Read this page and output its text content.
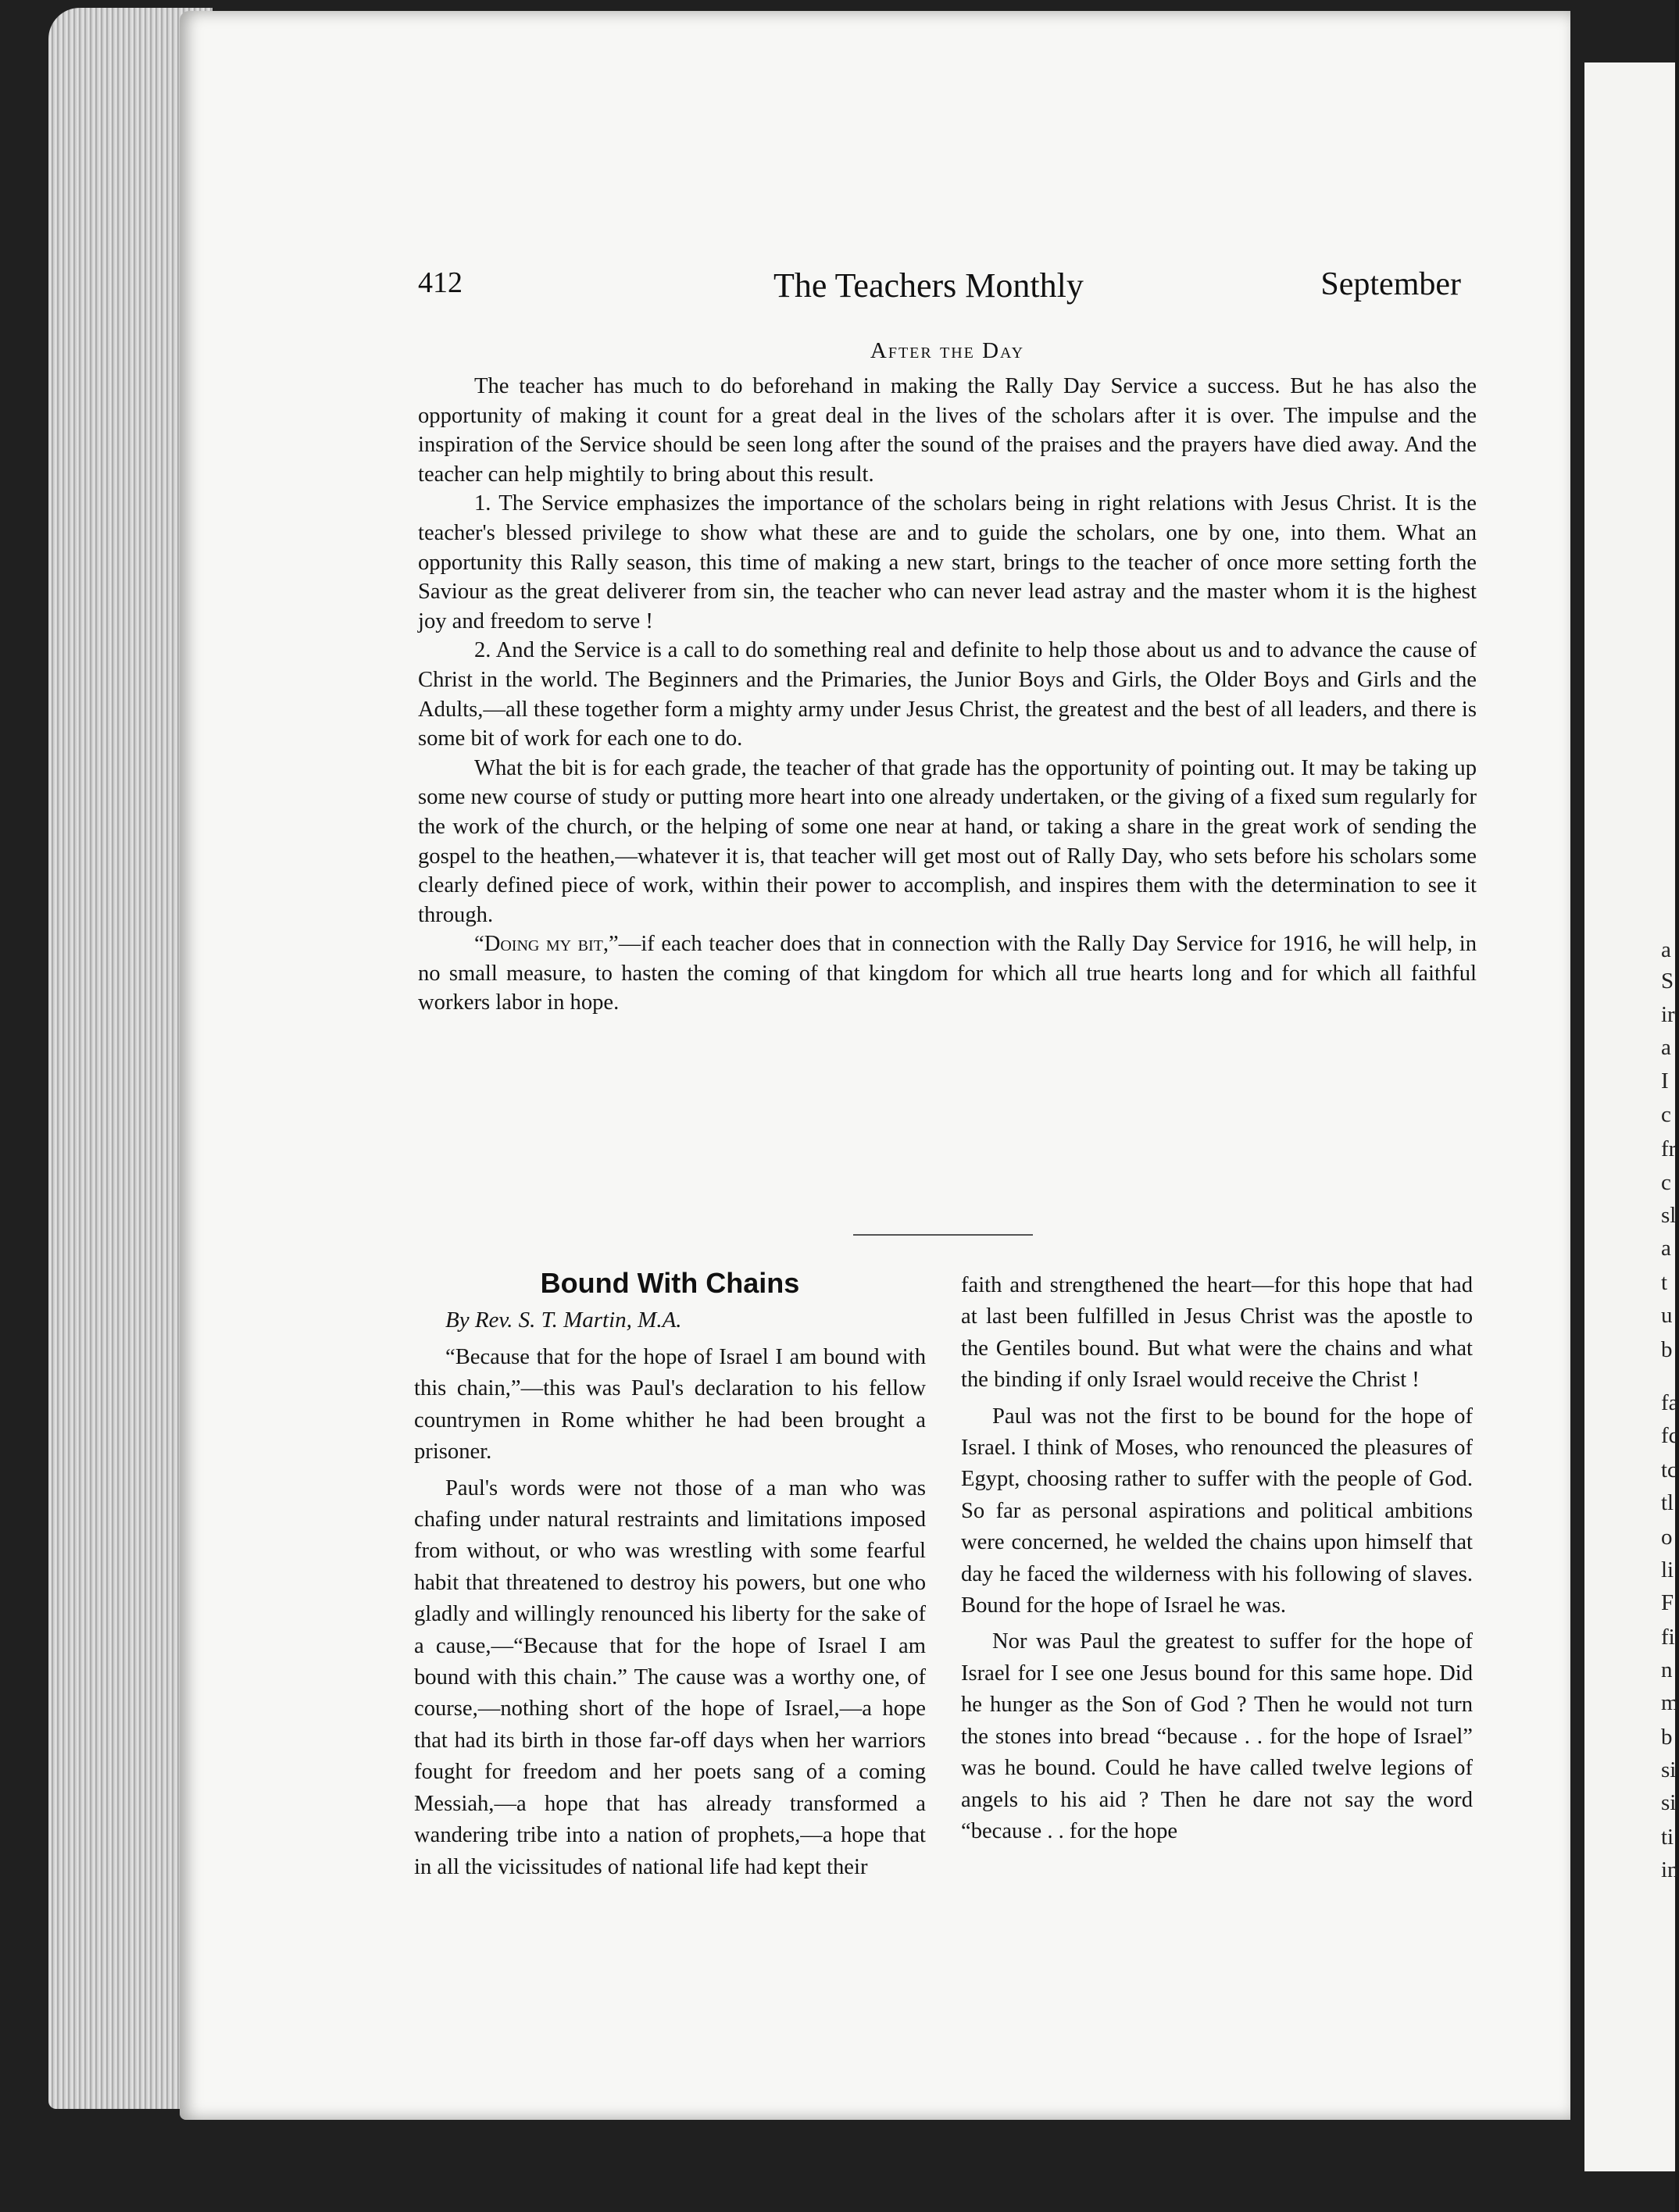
a
S
ir
a
I
c
fr
c
sl
a
t
u
b
fa
fc
tc
tl
o
li
F
fi
n
m
b
si
si
ti
in
412	The Teachers Monthly	September
After the Day

The teacher has much to do beforehand in making the Rally Day Service a success. But he has also the opportunity of making it count for a great deal in the lives of the scholars after it is over. The impulse and the inspiration of the Service should be seen long after the sound of the praises and the prayers have died away. And the teacher can help mightily to bring about this result.

1. The Service emphasizes the importance of the scholars being in right relations with Jesus Christ. It is the teacher's blessed privilege to show what these are and to guide the scholars, one by one, into them. What an opportunity this Rally season, this time of making a new start, brings to the teacher of once more setting forth the Saviour as the great deliverer from sin, the teacher who can never lead astray and the master whom it is the highest joy and freedom to serve !

2. And the Service is a call to do something real and definite to help those about us and to advance the cause of Christ in the world. The Beginners and the Primaries, the Junior Boys and Girls, the Older Boys and Girls and the Adults,—all these together form a mighty army under Jesus Christ, the greatest and the best of all leaders, and there is some bit of work for each one to do.

What the bit is for each grade, the teacher of that grade has the opportunity of pointing out. It may be taking up some new course of study or putting more heart into one already undertaken, or the giving of a fixed sum regularly for the work of the church, or the helping of some one near at hand, or taking a share in the great work of sending the gospel to the heathen,—whatever it is, that teacher will get most out of Rally Day, who sets before his scholars some clearly defined piece of work, within their power to accomplish, and inspires them with the determination to see it through.

“Doing my bit,”—if each teacher does that in connection with the Rally Day Service for 1916, he will help, in no small measure, to hasten the coming of that kingdom for which all true hearts long and for which all faithful workers labor in hope.

Bound With Chains

By Rev. S. T. Martin, M.A.

“Because that for the hope of Israel I am bound with this chain,”—this was Paul's declaration to his fellow countrymen in Rome whither he had been brought a prisoner.

Paul's words were not those of a man who was chafing under natural restraints and limitations imposed from without, or who was wrestling with some fearful habit that threatened to destroy his powers, but one who gladly and willingly renounced his liberty for the sake of a cause,—“Because that for the hope of Israel I am bound with this chain.” The cause was a worthy one, of course,—nothing short of the hope of Israel,—a hope that had its birth in those far-off days when her warriors fought for freedom and her poets sang of a coming Messiah,—a hope that has already transformed a wandering tribe into a nation of prophets,—a hope that in all the vicissitudes of national life had kept their

faith and strengthened the heart—for this hope that had at last been fulfilled in Jesus Christ was the apostle to the Gentiles bound. But what were the chains and what the binding if only Israel would receive the Christ !

Paul was not the first to be bound for the hope of Israel. I think of Moses, who renounced the pleasures of Egypt, choosing rather to suffer with the people of God. So far as personal aspirations and political ambitions were concerned, he welded the chains upon himself that day he faced the wilderness with his following of slaves. Bound for the hope of Israel he was.

Nor was Paul the greatest to suffer for the hope of Israel for I see one Jesus bound for this same hope. Did he hunger as the Son of God ? Then he would not turn the stones into bread “because . . for the hope of Israel” was he bound. Could he have called twelve legions of angels to his aid ? Then he dare not say the word “because . . for the hope
